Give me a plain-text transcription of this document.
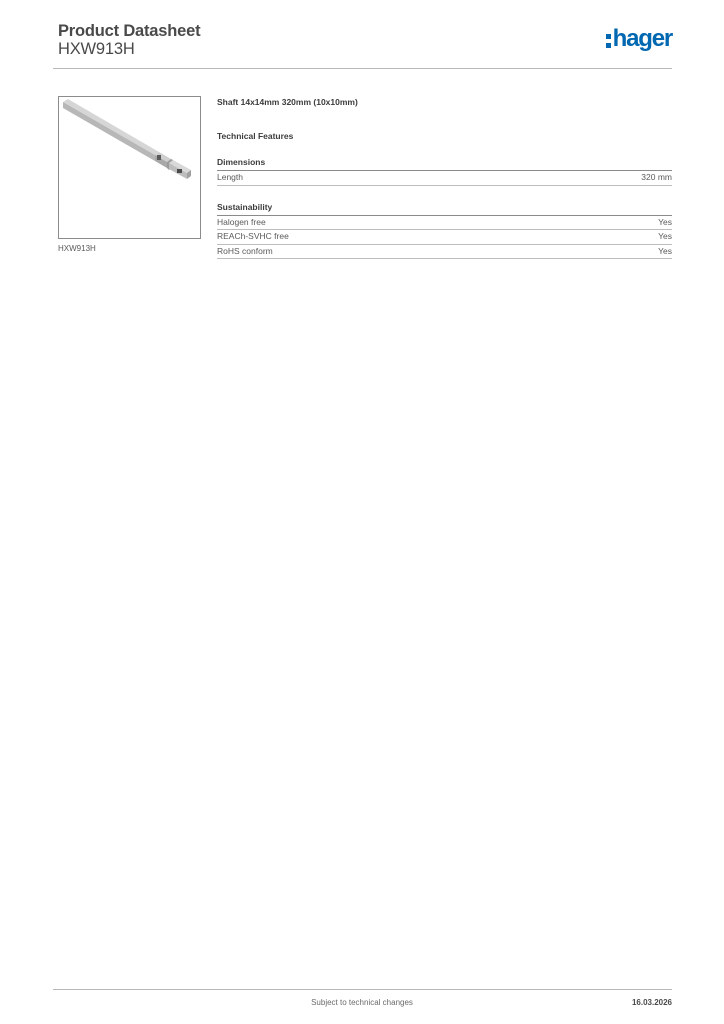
Product Datasheet
HXW913H	hager
HXW913H
Shaft 14x14mm 320mm (10x10mm)
Technical Features
Dimensions
Length	320 mm
Sustainability
Halogen free	Yes
REACh-SVHC free	Yes
RoHS conform	Yes
Subject to technical changes	16.03.2026
